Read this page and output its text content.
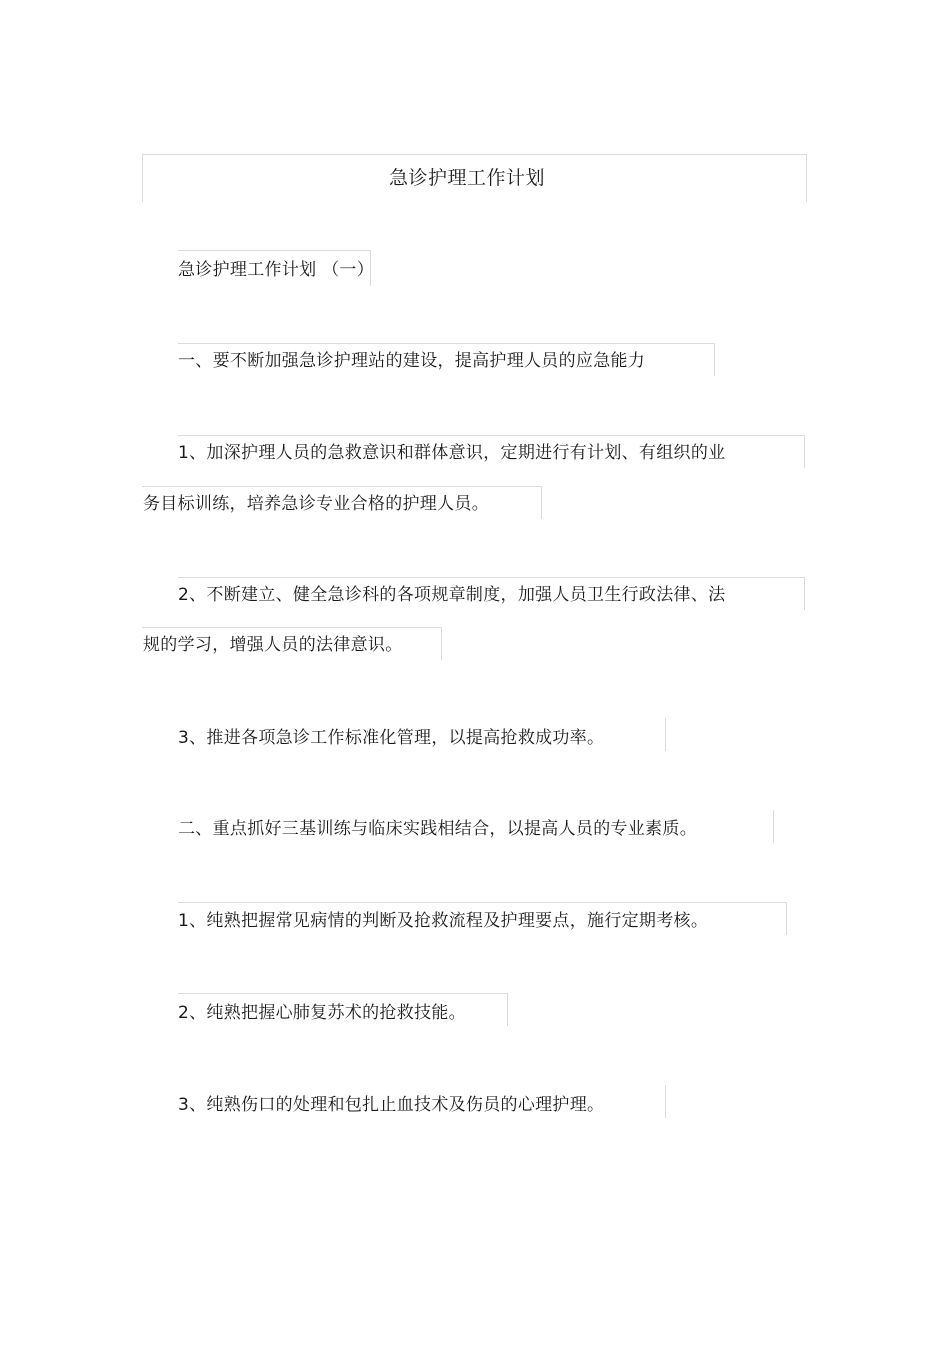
急诊护理工作计划
急诊护理工作计划 （一）
一、要不断加强急诊护理站的建设，提高护理人员的应急能力
1、加深护理人员的急救意识和群体意识，定期进行有计划、有组织的业
务目标训练，培养急诊专业合格的护理人员。
2、不断建立、健全急诊科的各项规章制度，加强人员卫生行政法律、法
规的学习，增强人员的法律意识。
3、推进各项急诊工作标准化管理，以提高抢救成功率。
二、重点抓好三基训练与临床实践相结合，以提高人员的专业素质。
1、纯熟把握常见病情的判断及抢救流程及护理要点，施行定期考核。
2、纯熟把握心肺复苏术的抢救技能。
3、纯熟伤口的处理和包扎止血技术及伤员的心理护理。
